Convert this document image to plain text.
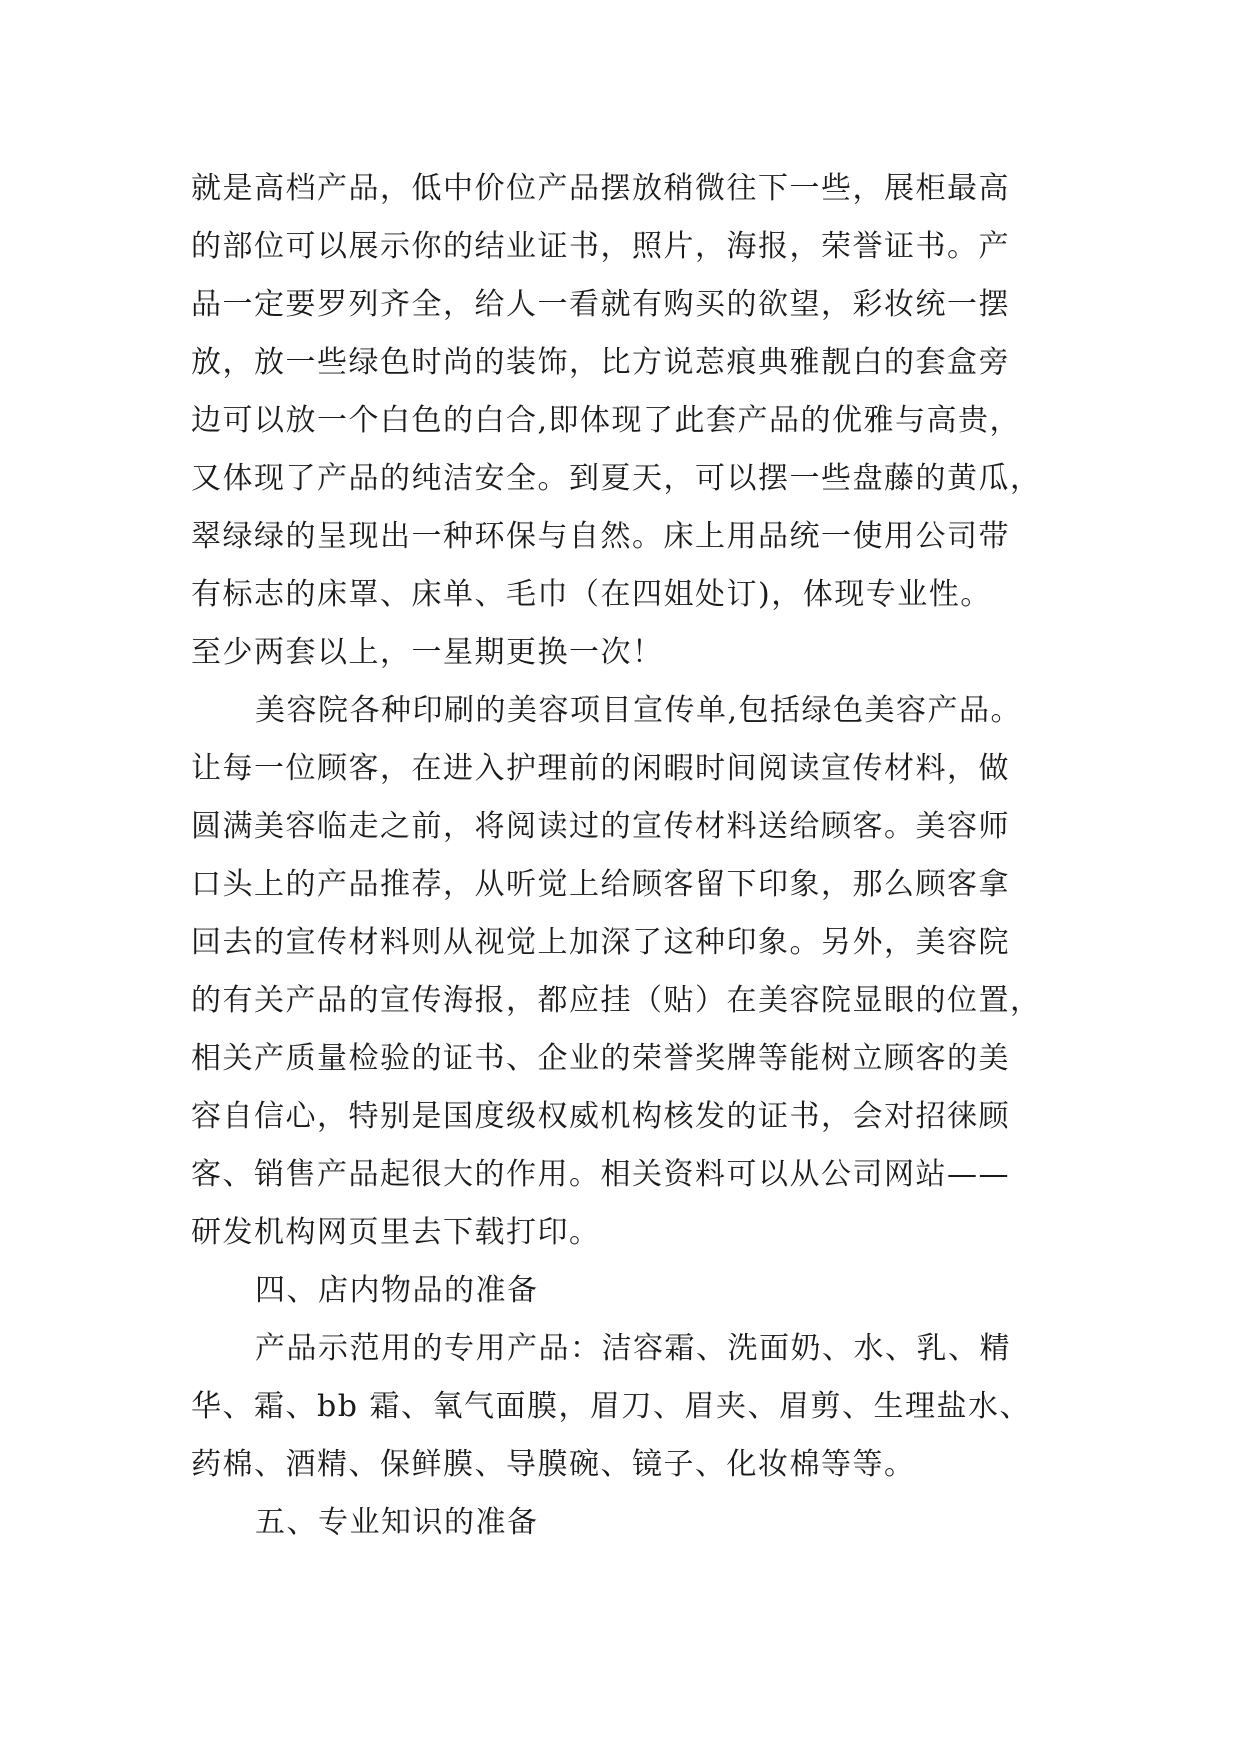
就是高档产品，低中价位产品摆放稍微往下一些，展柜最高
的部位可以展示你的结业证书，照片，海报，荣誉证书。产
品一定要罗列齐全，给人一看就有购买的欲望，彩妆统一摆
放，放一些绿色时尚的装饰，比方说莣痕典雅靓白的套盒旁
边可以放一个白色的白合,即体现了此套产品的优雅与高贵，
又体现了产品的纯洁安全。到夏天，可以摆一些盘藤的黄瓜，
翠绿绿的呈现出一种环保与自然。床上用品统一使用公司带
有标志的床罩、床单、毛巾（在四姐处订)，体现专业性。
至少两套以上，一星期更换一次！
美容院各种印刷的美容项目宣传单,包括绿色美容产品。
让每一位顾客，在进入护理前的闲暇时间阅读宣传材料，做
圆满美容临走之前，将阅读过的宣传材料送给顾客。美容师
口头上的产品推荐，从听觉上给顾客留下印象，那么顾客拿
回去的宣传材料则从视觉上加深了这种印象。另外，美容院
的有关产品的宣传海报，都应挂（贴）在美容院显眼的位置，
相关产质量检验的证书、企业的荣誉奖牌等能树立顾客的美
容自信心，特别是国度级权威机构核发的证书，会对招徕顾
客、销售产品起很大的作用。相关资料可以从公司网站——
研发机构网页里去下载打印。
四、店内物品的准备
产品示范用的专用产品：洁容霜、洗面奶、水、乳、精
华、霜、bb 霜、氧气面膜，眉刀、眉夹、眉剪、生理盐水、
药棉、酒精、保鲜膜、导膜碗、镜子、化妆棉等等。
五、专业知识的准备
